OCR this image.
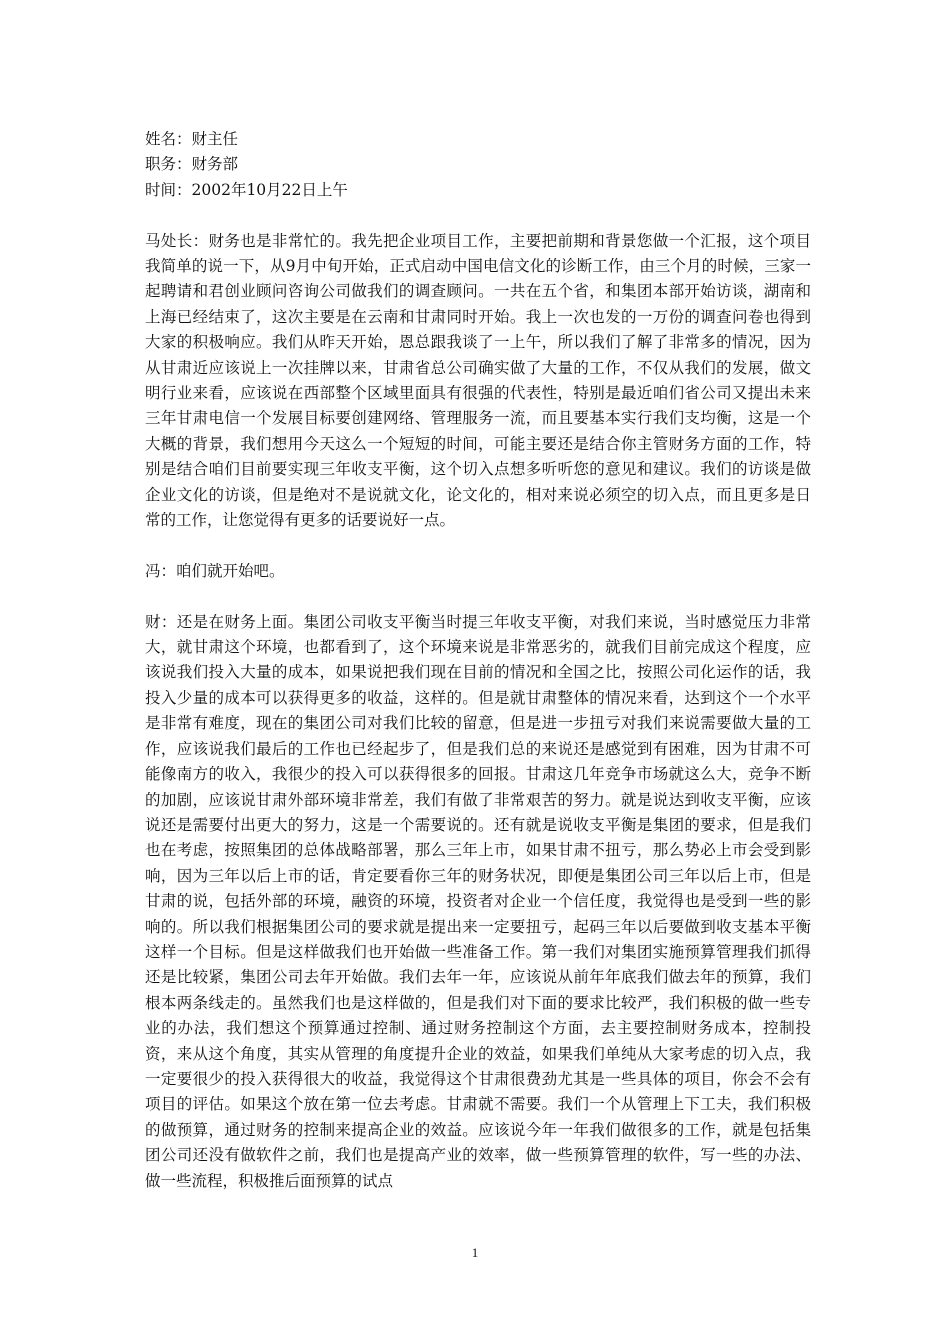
姓名：财主任

职务：财务部

时间：2002年10月22日上午

马处长：财务也是非常忙的。我先把企业项目工作，主要把前期和背景您做一个汇报，这个项目我简单的说一下，从9月中旬开始，正式启动中国电信文化的诊断工作，由三个月的时候，三家一起聘请和君创业顾问咨询公司做我们的调查顾问。一共在五个省，和集团本部开始访谈，湖南和上海已经结束了，这次主要是在云南和甘肃同时开始。我上一次也发的一万份的调查问卷也得到大家的积极响应。我们从昨天开始，恩总跟我谈了一上午，所以我们了解了非常多的情况，因为从甘肃近应该说上一次挂牌以来，甘肃省总公司确实做了大量的工作，不仅从我们的发展，做文明行业来看，应该说在西部整个区域里面具有很强的代表性，特别是最近咱们省公司又提出未来三年甘肃电信一个发展目标要创建网络、管理服务一流，而且要基本实行我们支均衡，这是一个大概的背景，我们想用今天这么一个短短的时间，可能主要还是结合你主管财务方面的工作，特别是结合咱们目前要实现三年收支平衡，这个切入点想多听听您的意见和建议。我们的访谈是做企业文化的访谈，但是绝对不是说就文化，论文化的，相对来说必须空的切入点，而且更多是日常的工作，让您觉得有更多的话要说好一点。

冯：咱们就开始吧。

财：还是在财务上面。集团公司收支平衡当时提三年收支平衡，对我们来说，当时感觉压力非常大，就甘肃这个环境，也都看到了，这个环境来说是非常恶劣的，就我们目前完成这个程度，应该说我们投入大量的成本，如果说把我们现在目前的情况和全国之比，按照公司化运作的话，我投入少量的成本可以获得更多的收益，这样的。但是就甘肃整体的情况来看，达到这个一个水平是非常有难度，现在的集团公司对我们比较的留意，但是进一步扭亏对我们来说需要做大量的工作，应该说我们最后的工作也已经起步了，但是我们总的来说还是感觉到有困难，因为甘肃不可能像南方的收入，我很少的投入可以获得很多的回报。甘肃这几年竞争市场就这么大，竞争不断的加剧，应该说甘肃外部环境非常差，我们有做了非常艰苦的努力。就是说达到收支平衡，应该说还是需要付出更大的努力，这是一个需要说的。还有就是说收支平衡是集团的要求，但是我们也在考虑，按照集团的总体战略部署，那么三年上市，如果甘肃不扭亏，那么势必上市会受到影响，因为三年以后上市的话，肯定要看你三年的财务状况，即便是集团公司三年以后上市，但是甘肃的说，包括外部的环境，融资的环境，投资者对企业一个信任度，我觉得也是受到一些的影响的。所以我们根据集团公司的要求就是提出来一定要扭亏，起码三年以后要做到收支基本平衡这样一个目标。但是这样做我们也开始做一些准备工作。第一我们对集团实施预算管理我们抓得还是比较紧，集团公司去年开始做。我们去年一年，应该说从前年年底我们做去年的预算，我们根本两条线走的。虽然我们也是这样做的，但是我们对下面的要求比较严，我们积极的做一些专业的办法，我们想这个预算通过控制、通过财务控制这个方面，去主要控制财务成本，控制投资，来从这个角度，其实从管理的角度提升企业的效益，如果我们单纯从大家考虑的切入点，我一定要很少的投入获得很大的收益，我觉得这个甘肃很费劲尤其是一些具体的项目，你会不会有项目的评估。如果这个放在第一位去考虑。甘肃就不需要。我们一个从管理上下工夫，我们积极的做预算，通过财务的控制来提高企业的效益。应该说今年一年我们做很多的工作，就是包括集团公司还没有做软件之前，我们也是提高产业的效率，做一些预算管理的软件，写一些的办法、做一些流程，积极推后面预算的试点

1
